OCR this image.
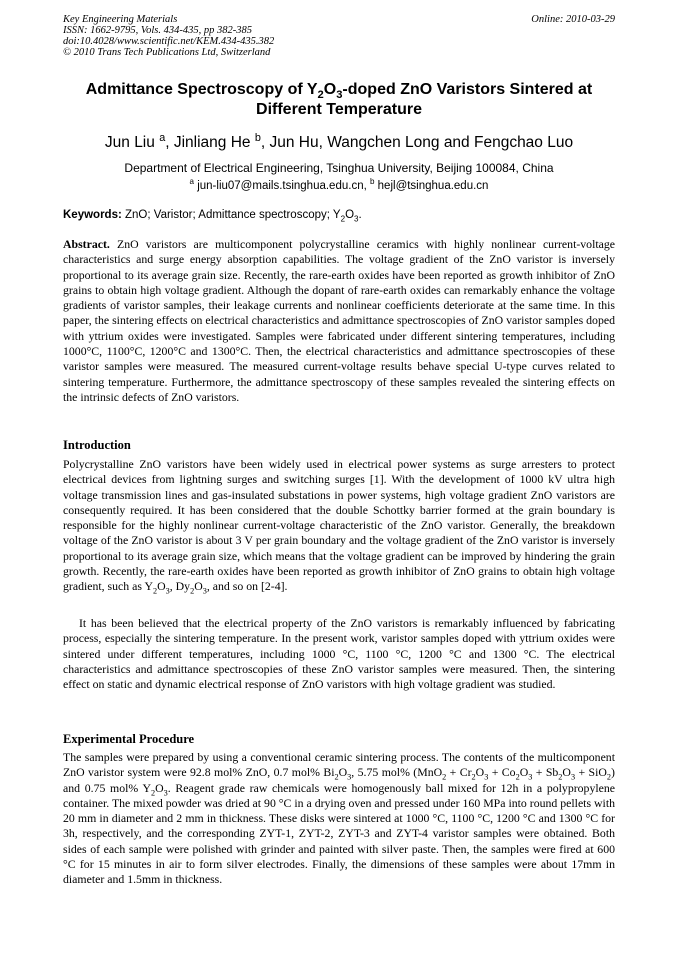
Key Engineering Materials
ISSN: 1662-9795, Vols. 434-435, pp 382-385
doi:10.4028/www.scientific.net/KEM.434-435.382
© 2010 Trans Tech Publications Ltd, Switzerland
Online: 2010-03-29
Admittance Spectroscopy of $Y_2O_3$-doped ZnO Varistors Sintered at
Different Temperature
Jun Liu $^a$, Jinliang He $^b$, Jun Hu, Wangchen Long and Fengchao Luo
Department of Electrical Engineering, Tsinghua University, Beijing 100084, China
$^a$ jun-liu07@mails.tsinghua.edu.cn, $^b$ hejl@tsinghua.edu.cn
Keywords: ZnO; Varistor; Admittance spectroscopy; $Y_2O_3$.

Abstract. ZnO varistors are multicomponent polycrystalline ceramics with highly nonlinear current-voltage characteristics and surge energy absorption capabilities. The voltage gradient of the ZnO varistor is inversely proportional to its average grain size. Recently, the rare-earth oxides have been reported as growth inhibitor of ZnO grains to obtain high voltage gradient. Although the dopant of rare-earth oxides can remarkably enhance the voltage gradients of varistor samples, their leakage currents and nonlinear coefficients deteriorate at the same time. In this paper, the sintering effects on electrical characteristics and admittance spectroscopies of ZnO varistor samples doped with yttrium oxides were investigated. Samples were fabricated under different sintering temperatures, including 1000°C, 1100°C, 1200°C and 1300°C. Then, the electrical characteristics and admittance spectroscopies of these varistor samples were measured. The measured current-voltage results behave special U-type curves related to sintering temperature. Furthermore, the admittance spectroscopy of these samples revealed the sintering effects on the intrinsic defects of ZnO varistors.

Introduction

Polycrystalline ZnO varistors have been widely used in electrical power systems as surge arresters to protect electrical devices from lightning surges and switching surges [1]. With the development of 1000 kV ultra high voltage transmission lines and gas-insulated substations in power systems, high voltage gradient ZnO varistors are consequently required. It has been considered that the double Schottky barrier formed at the grain boundary is responsible for the highly nonlinear current-voltage characteristic of the ZnO varistor. Generally, the breakdown voltage of the ZnO varistor is about 3 V per grain boundary and the voltage gradient of the ZnO varistor is inversely proportional to its average grain size, which means that the voltage gradient can be improved by hindering the grain growth. Recently, the rare-earth oxides have been reported as growth inhibitor of ZnO grains to obtain high voltage gradient, such as $Y_2O_3$, $Dy_2O_3$, and so on [2-4].

It has been believed that the electrical property of the ZnO varistors is remarkably influenced by fabricating process, especially the sintering temperature. In the present work, varistor samples doped with yttrium oxides were sintered under different temperatures, including 1000 °C, 1100 °C, 1200 °C and 1300 °C. The electrical characteristics and admittance spectroscopies of these ZnO varistor samples were measured. Then, the sintering effect on static and dynamic electrical response of ZnO varistors with high voltage gradient was studied.

Experimental Procedure

The samples were prepared by using a conventional ceramic sintering process. The contents of the multicomponent ZnO varistor system were 92.8 mol% ZnO, 0.7 mol% $Bi_2O_3$, 5.75 mol% $(MnO_2 + Cr_2O_3 + Co_2O_3 + Sb_2O_3 + SiO_2)$ and 0.75 mol% $Y_2O_3$. Reagent grade raw chemicals were homogenously ball mixed for 12h in a polypropylene container. The mixed powder was dried at 90 °C in a drying oven and pressed under 160 MPa into round pellets with 20 mm in diameter and 2 mm in thickness. These disks were sintered at 1000 °C, 1100 °C, 1200 °C and 1300 °C for 3h, respectively, and the corresponding ZYT-1, ZYT-2, ZYT-3 and ZYT-4 varistor samples were obtained. Both sides of each sample were polished with grinder and painted with silver paste. Then, the samples were fired at 600 °C for 15 minutes in air to form silver electrodes. Finally, the dimensions of these samples were about 17mm in diameter and 1.5mm in thickness.
